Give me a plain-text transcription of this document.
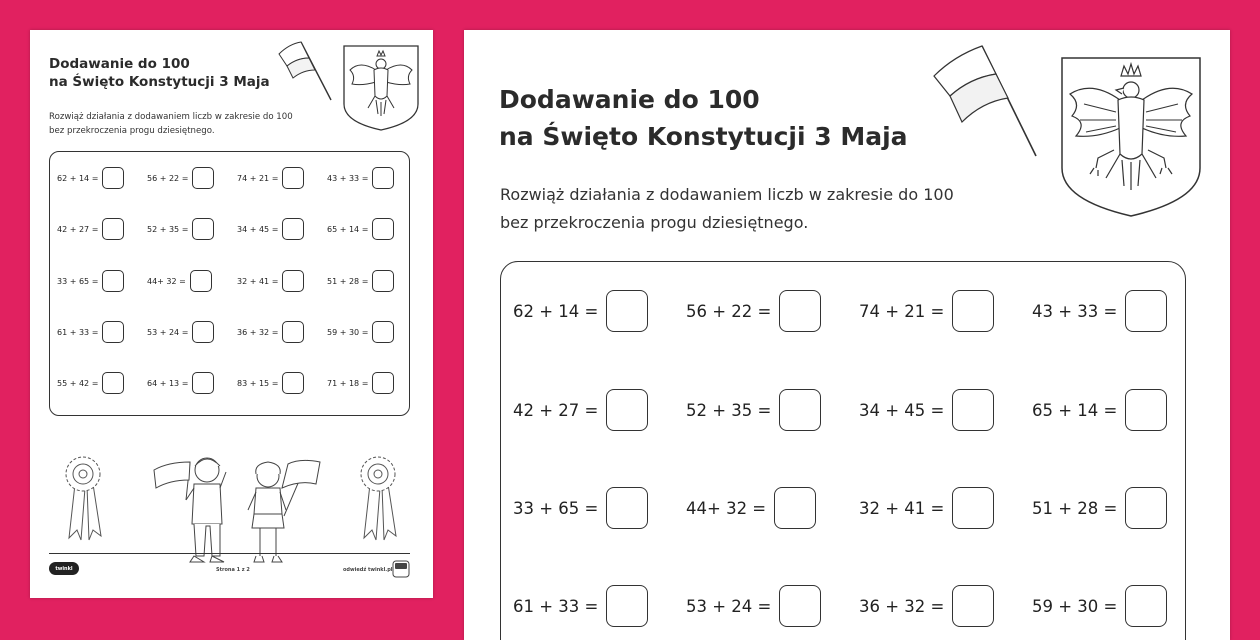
Dodawanie do 100
na Święto Konstytucji 3 Maja
Rozwiąż działania z dodawaniem liczb w zakresie do 100
bez przekroczenia progu dziesiętnego.
62 + 14 =	56 + 22 =	74 + 21 =	43 + 33 =
42 + 27 =	52 + 35 =	34 + 45 =	65 + 14 =
33 + 65 =	44+ 32 =	32 + 41 =	51 + 28 =
61 + 33 =	53 + 24 =	36 + 32 =	59 + 30 =
55 + 42 =	64 + 13 =	83 + 15 =	71 + 18 =
twinkl	Strona 1 z 2	odwiedź twinkl.pl
Dodawanie do 100
na Święto Konstytucji 3 Maja
Rozwiąż działania z dodawaniem liczb w zakresie do 100
bez przekroczenia progu dziesiętnego.
62 + 14 =	56 + 22 =	74 + 21 =	43 + 33 =
42 + 27 =	52 + 35 =	34 + 45 =	65 + 14 =
33 + 65 =	44+ 32 =	32 + 41 =	51 + 28 =
61 + 33 =	53 + 24 =	36 + 32 =	59 + 30 =
